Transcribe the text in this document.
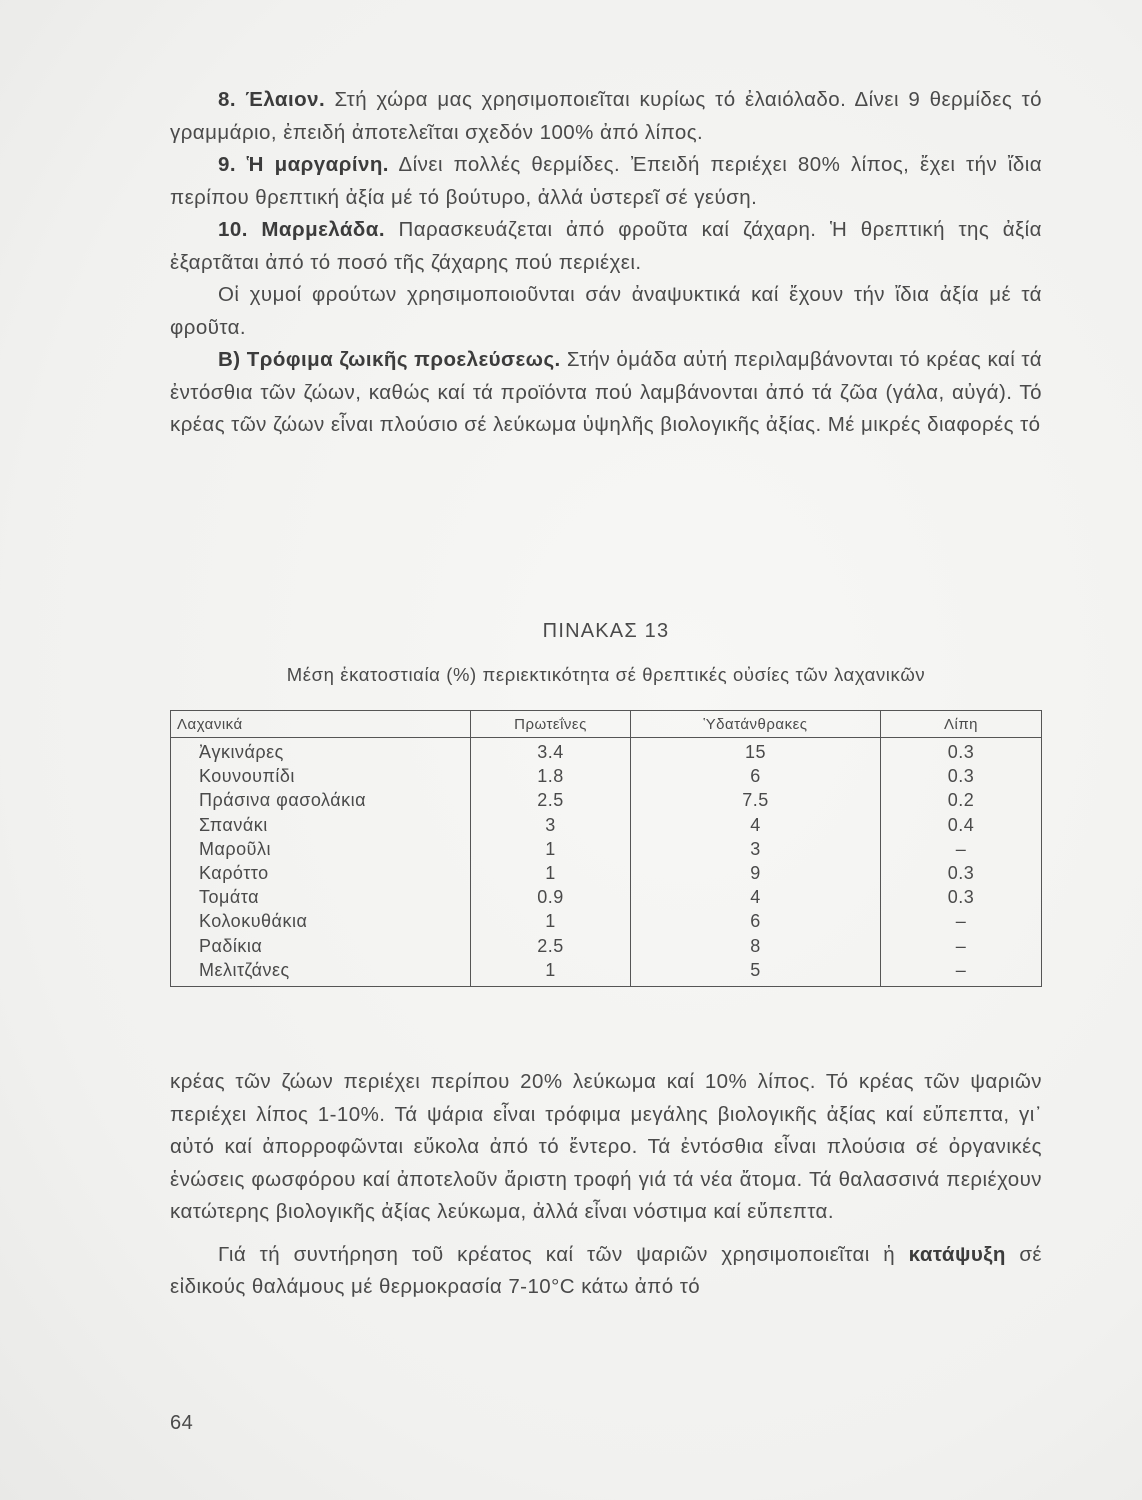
8. Έλαιον. Στή χώρα μας χρησιμοποιεῖται κυρίως τό ἐλαιόλαδο. Δίνει 9 θερμίδες τό γραμμάριο, ἐπειδή ἀποτελεῖται σχεδόν 100% ἀπό λίπος.

9. Ἡ μαργαρίνη. Δίνει πολλές θερμίδες. Ἐπειδή περιέχει 80% λίπος, ἔχει τήν ἴδια περίπου θρεπτική ἀξία μέ τό βούτυρο, ἀλλά ὑστερεῖ σέ γεύση.

10. Μαρμελάδα. Παρασκευάζεται ἀπό φροῦτα καί ζάχαρη. Ἡ θρεπτική της ἀξία ἐξαρτᾶται ἀπό τό ποσό τῆς ζάχαρης πού περιέχει.

Οἱ χυμοί φρούτων χρησιμοποιοῦνται σάν ἀναψυκτικά καί ἔχουν τήν ἴδια ἀξία μέ τά φροῦτα.

Β) Τρόφιμα ζωικῆς προελεύσεως. Στήν ὁμάδα αὐτή περιλαμβάνονται τό κρέας καί τά ἐντόσθια τῶν ζώων, καθώς καί τά προϊόντα πού λαμβάνονται ἀπό τά ζῶα (γάλα, αὐγά). Τό κρέας τῶν ζώων εἶναι πλούσιο σέ λεύκωμα ὑψηλῆς βιολογικῆς ἀξίας. Μέ μικρές διαφορές τό

ΠΙΝΑΚΑΣ 13
Μέση ἑκατοστιαία (%) περιεκτικότητα σέ θρεπτικές οὐσίες τῶν λαχανικῶν
Λαχανικά	Πρωτεΐνες	Ὑδατάνθρακες	Λίπη
Ἀγκινάρες	3.4	15	0.3
Κουνουπίδι	1.8	6	0.3
Πράσινα φασολάκια	2.5	7.5	0.2
Σπανάκι	3	4	0.4
Μαροῦλι	1	3	–
Καρόττο	1	9	0.3
Τομάτα	0.9	4	0.3
Κολοκυθάκια	1	6	–
Ραδίκια	2.5	8	–
Μελιτζάνες	1	5	–

κρέας τῶν ζώων περιέχει περίπου 20% λεύκωμα καί 10% λίπος. Τό κρέας τῶν ψαριῶν περιέχει λίπος 1-10%. Τά ψάρια εἶναι τρόφιμα μεγάλης βιολογικῆς ἀξίας καί εὔπεπτα, γι᾽ αὐτό καί ἀπορροφῶνται εὔκολα ἀπό τό ἔντερο. Τά ἐντόσθια εἶναι πλούσια σέ ὀργανικές ἑνώσεις φωσφόρου καί ἀποτελοῦν ἄριστη τροφή γιά τά νέα ἄτομα. Τά θαλασσινά περιέχουν κατώτερης βιολογικῆς ἀξίας λεύκωμα, ἀλλά εἶναι νόστιμα καί εὔπεπτα.

Γιά τή συντήρηση τοῦ κρέατος καί τῶν ψαριῶν χρησιμοποιεῖται ἡ κατάψυξη σέ εἰδικούς θαλάμους μέ θερμοκρασία 7-10°C κάτω ἀπό τό

64
